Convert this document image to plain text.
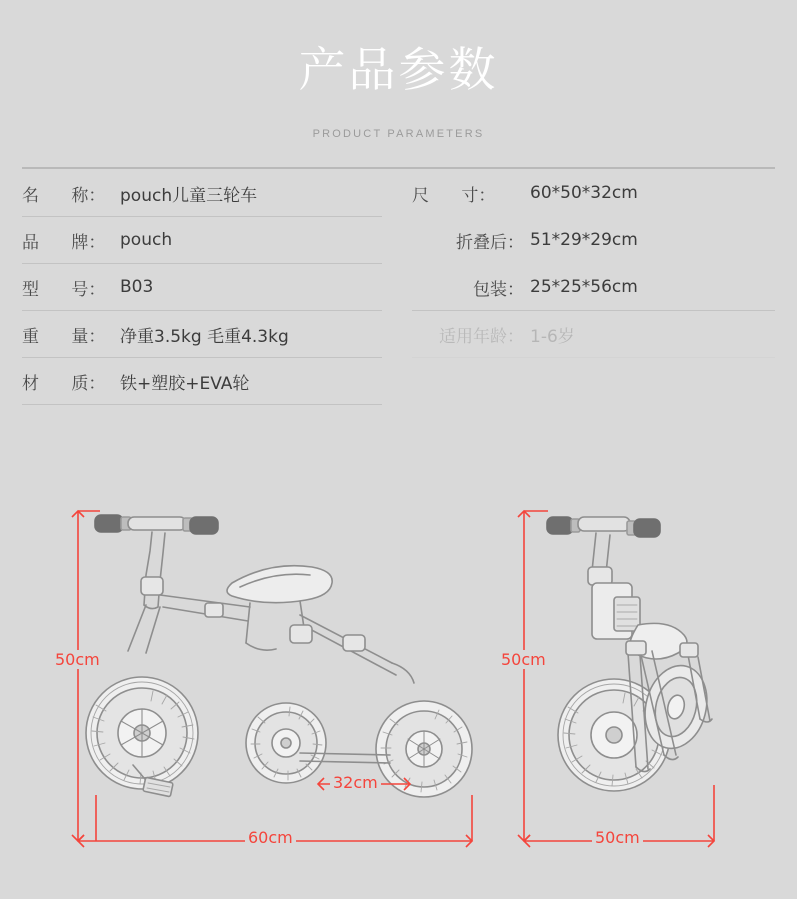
产品参数
PRODUCT PARAMETERS
名      称： pouch儿童三轮车
品      牌： pouch
型      号： B03
重      量： 净重3.5kg 毛重4.3kg
材      质： 铁+塑胶+EVA轮
尺      寸：	60*50*32cm
折叠后： 51*29*29cm
包装： 25*25*56cm
适用年龄： 1-6岁
50cm
60cm
32cm
50cm
50cm
